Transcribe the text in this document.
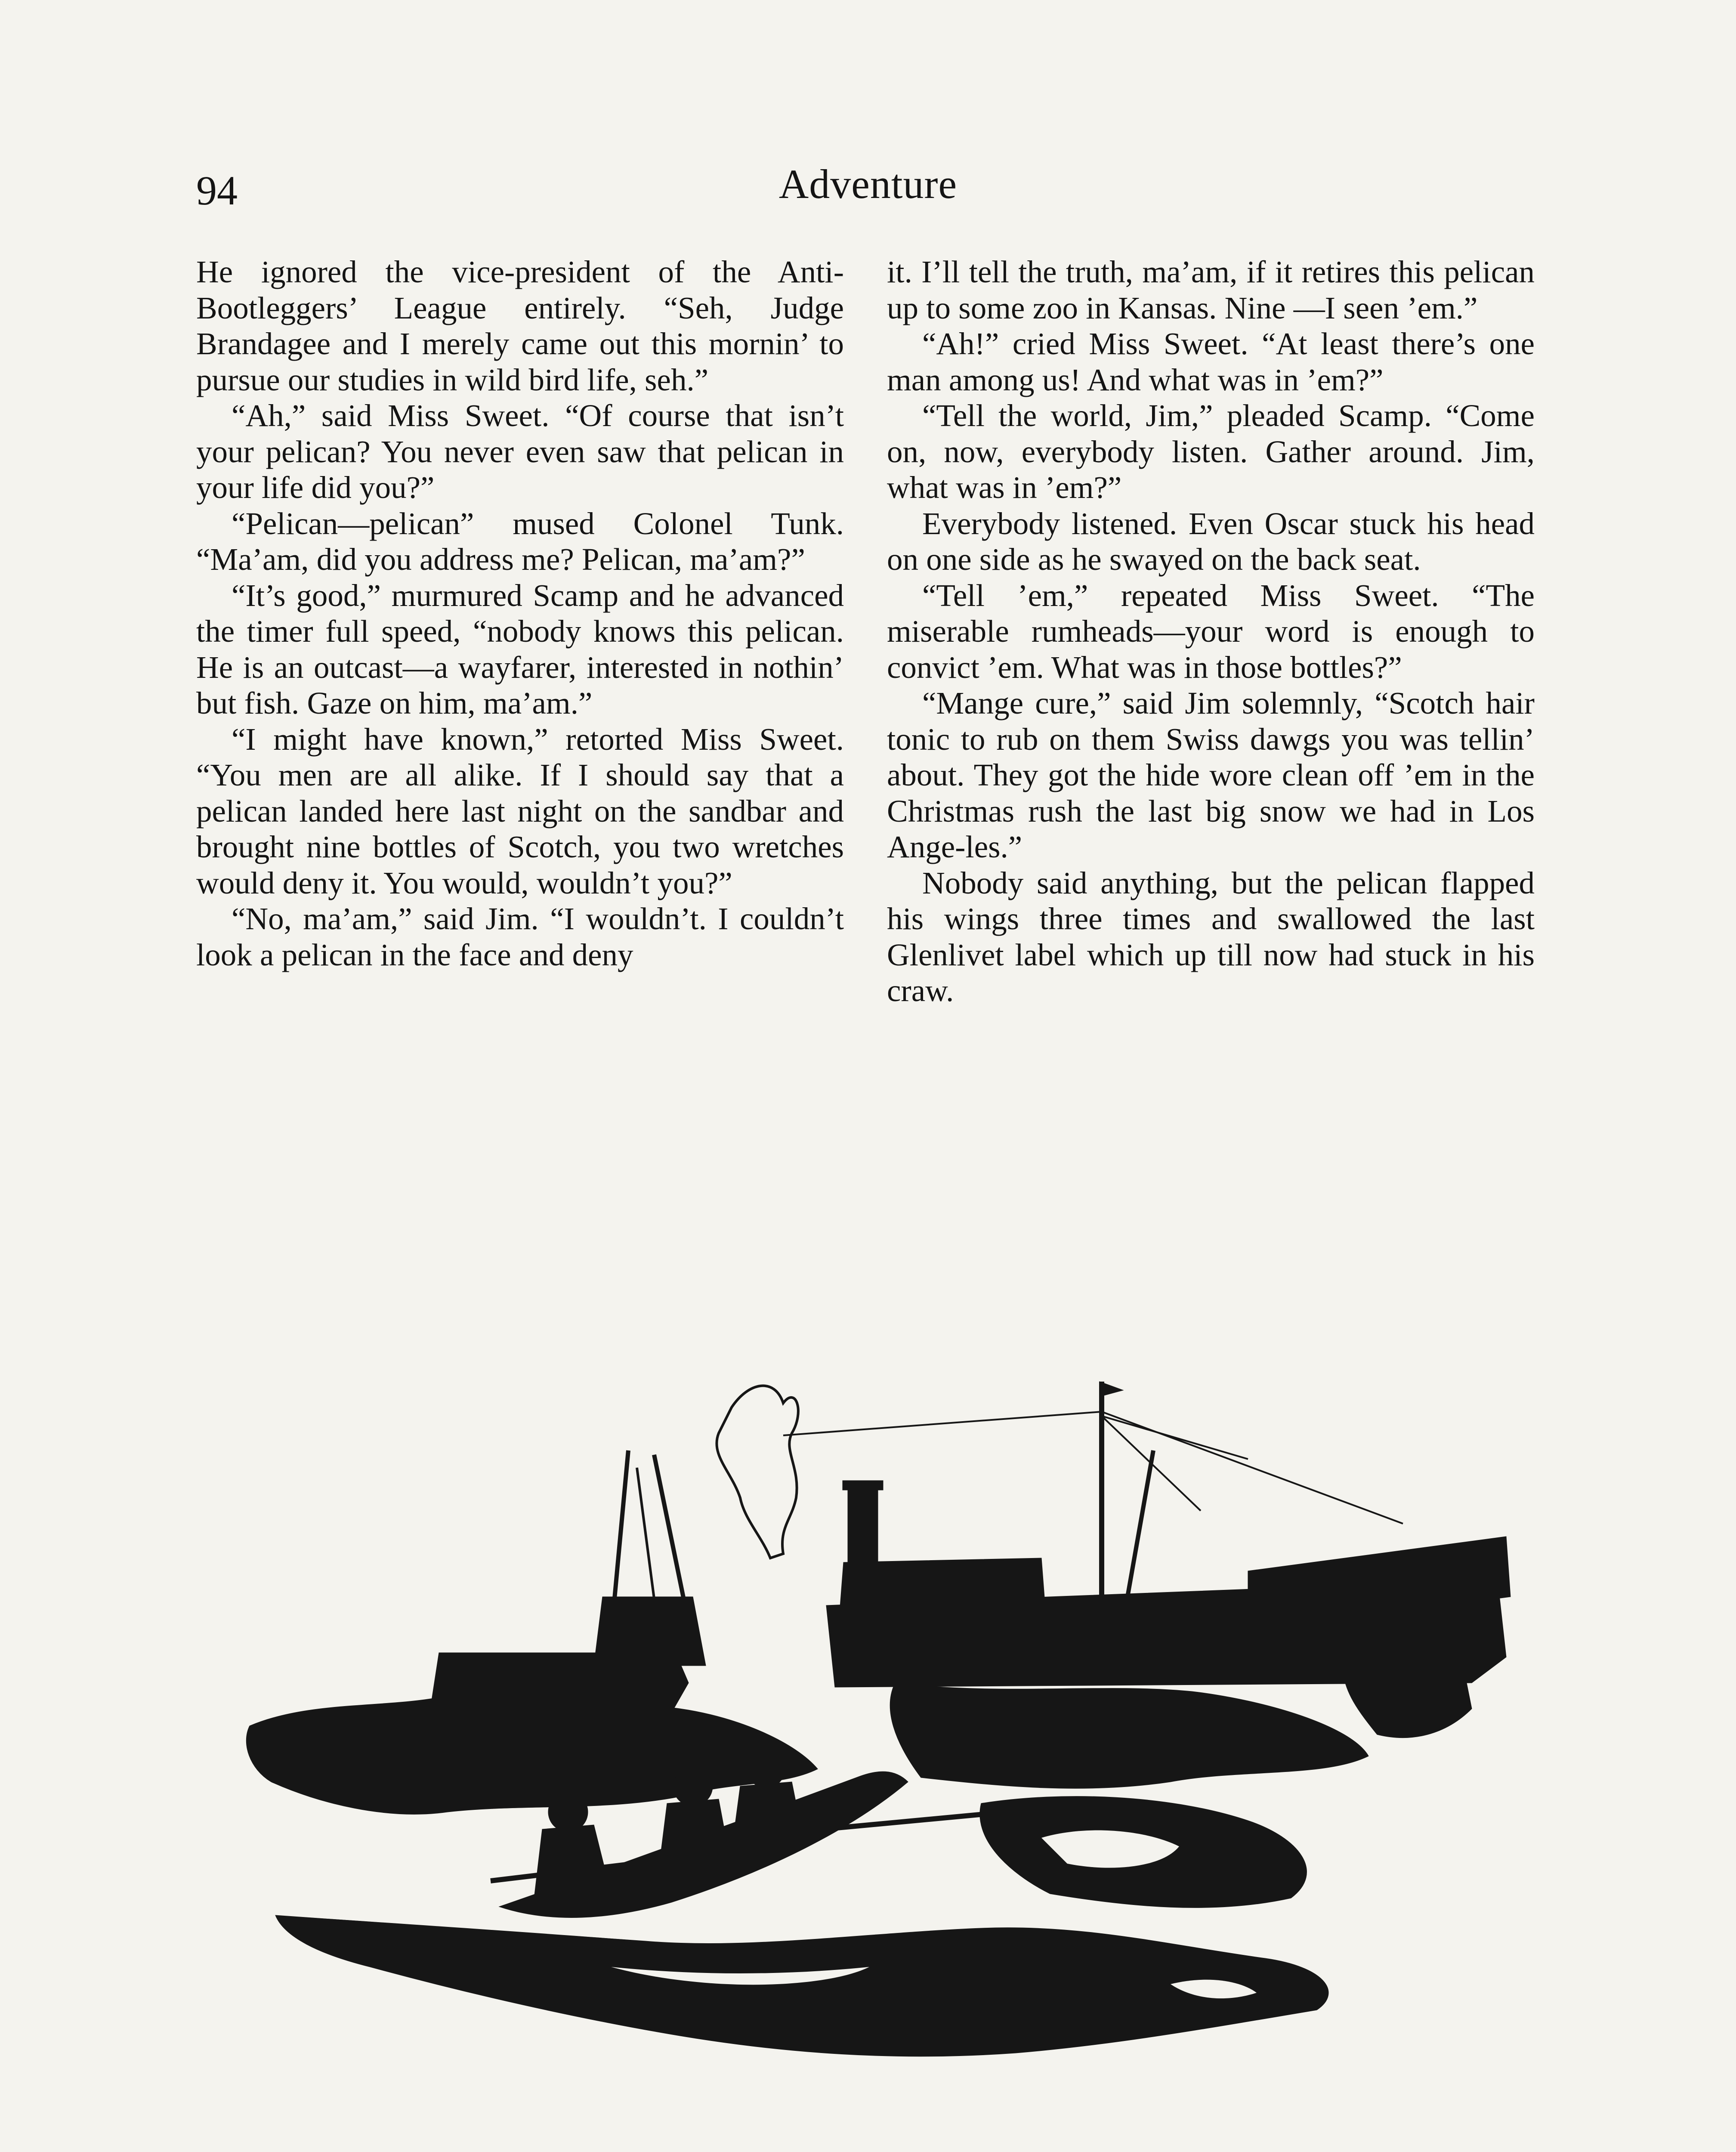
94	Adventure

He ignored the vice-president of the Anti-Bootleggers’ League entirely. “Seh, Judge Brandagee and I merely came out this mornin’ to pursue our studies in wild bird life, seh.”

“Ah,” said Miss Sweet. “Of course that isn’t your pelican? You never even saw that pelican in your life did you?”

“Pelican—pelican” mused Colonel Tunk. “Ma’am, did you address me? Pelican, ma’am?”

“It’s good,” murmured Scamp and he advanced the timer full speed, “nobody knows this pelican. He is an outcast—a wayfarer, interested in nothin’ but fish. Gaze on him, ma’am.”

“I might have known,” retorted Miss Sweet. “You men are all alike. If I should say that a pelican landed here last night on the sandbar and brought nine bottles of Scotch, you two wretches would deny it. You would, wouldn’t you?”

“No, ma’am,” said Jim. “I wouldn’t. I couldn’t look a pelican in the face and deny

it. I’ll tell the truth, ma’am, if it retires this pelican up to some zoo in Kansas. Nine —I seen ’em.”

“Ah!” cried Miss Sweet. “At least there’s one man among us! And what was in ’em?”

“Tell the world, Jim,” pleaded Scamp. “Come on, now, everybody listen. Gather around. Jim, what was in ’em?”

Everybody listened. Even Oscar stuck his head on one side as he swayed on the back seat.

“Tell ’em,” repeated Miss Sweet. “The miserable rumheads—your word is enough to convict ’em. What was in those bottles?”

“Mange cure,” said Jim solemnly, “Scotch hair tonic to rub on them Swiss dawgs you was tellin’ about. They got the hide wore clean off ’em in the Christmas rush the last big snow we had in Los Ange-les.”

Nobody said anything, but the pelican flapped his wings three times and swallowed the last Glenlivet label which up till now had stuck in his craw.
